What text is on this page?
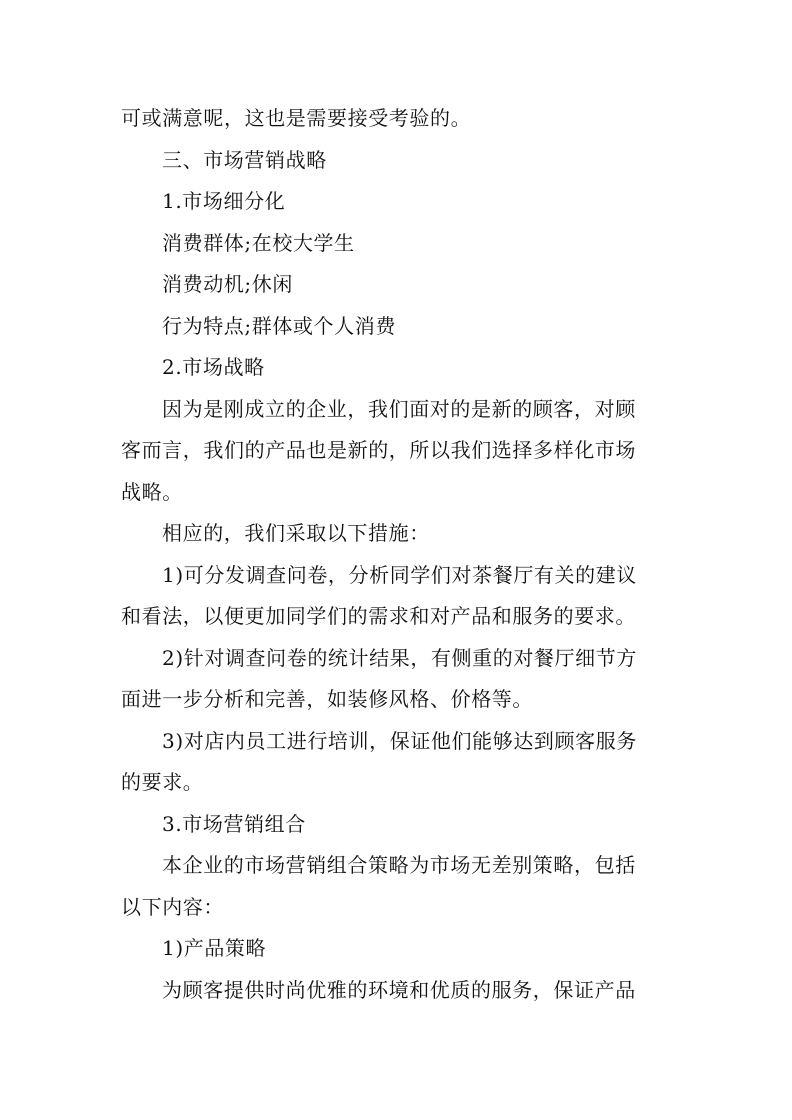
可或满意呢，这也是需要接受考验的。
三、市场营销战略
1.市场细分化
消费群体;在校大学生
消费动机;休闲
行为特点;群体或个人消费
2.市场战略
因为是刚成立的企业，我们面对的是新的顾客，对顾
客而言，我们的产品也是新的，所以我们选择多样化市场
战略。
相应的，我们采取以下措施：
1)可分发调查问卷，分析同学们对茶餐厅有关的建议
和看法，以便更加同学们的需求和对产品和服务的要求。
2)针对调查问卷的统计结果，有侧重的对餐厅细节方
面进一步分析和完善，如装修风格、价格等。
3)对店内员工进行培训，保证他们能够达到顾客服务
的要求。
3.市场营销组合
本企业的市场营销组合策略为市场无差别策略，包括
以下内容：
1)产品策略
为顾客提供时尚优雅的环境和优质的服务，保证产品
